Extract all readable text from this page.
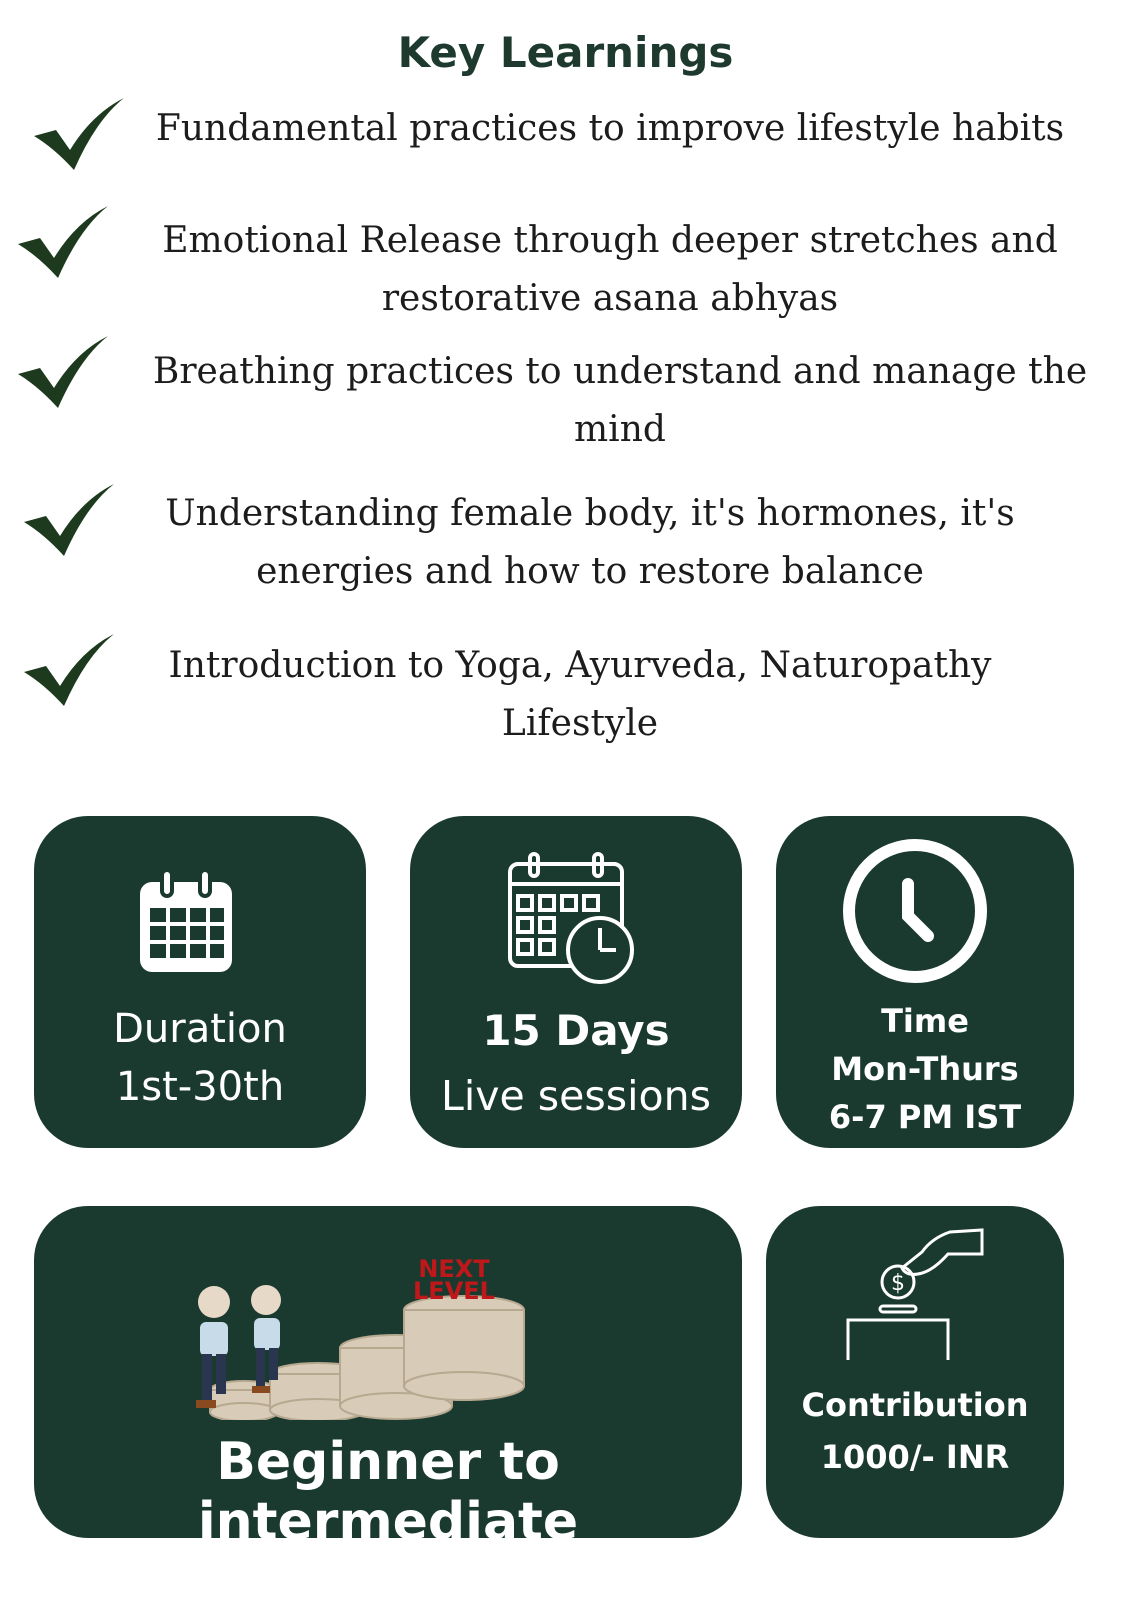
Key Learnings
Fundamental practices to improve lifestyle habits
Emotional Release through deeper stretches and restorative asana abhyas
Breathing practices to understand and manage the mind
Understanding female body, it's hormones, it's energies and how to restore balance
Introduction to Yoga, Ayurveda, Naturopathy Lifestyle
Duration
1st-30th
15 Days
Live sessions
Time
Mon-Thurs
6-7 PM IST
NEXT LEVEL
Beginner to intermediate
$
Contribution
1000/- INR
